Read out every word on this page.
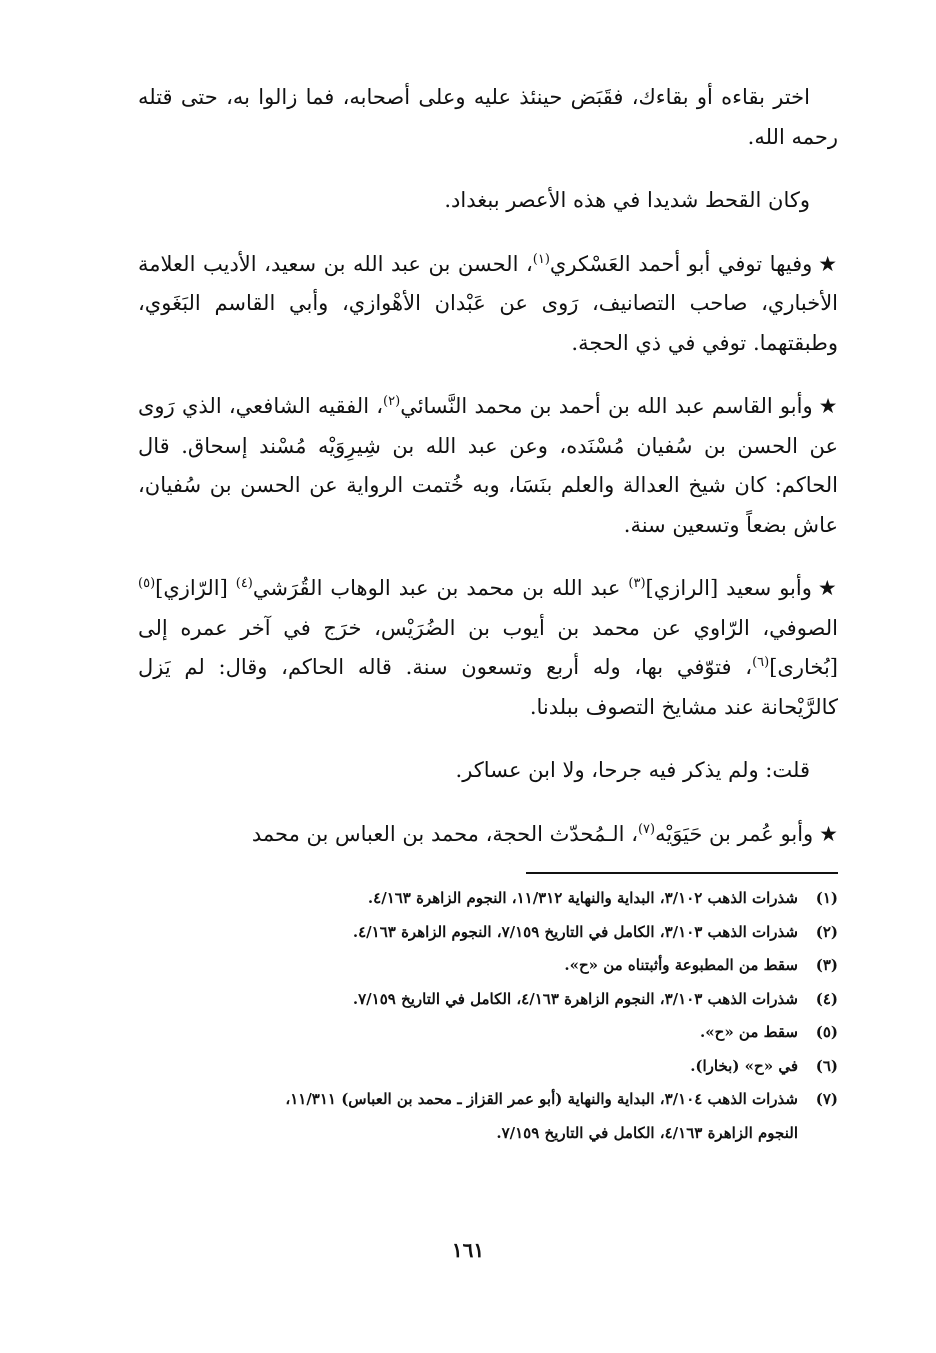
اختر بقاءه أو بقاءك، فقَبَض حينئذ عليه وعلى أصحابه، فما زالوا به، حتى قتله رحمه الله.

وكان القحط شديدا في هذه الأعصر ببغداد.

★وفيها توفي أبو أحمد العَسْكري$^{(١)}$، الحسن بن عبد الله بن سعيد، الأديب العلامة الأخباري، صاحب التصانيف، رَوى عن عَبْدان الأهْوازي، وأبي القاسم البَغَوي، وطبقتهما. توفي في ذي الحجة.

★وأبو القاسم عبد الله بن أحمد بن محمد النَّسائي$^{(٢)}$، الفقيه الشافعي، الذي رَوى عن الحسن بن سُفيان مُسْنَده، وعن عبد الله بن شِيرِوَيْه مُسْند إسحاق. قال الحاكم: كان شيخ العدالة والعلم بنَسَا، وبه خُتمت الرواية عن الحسن بن سُفيان، عاش بضعاً وتسعين سنة.

★وأبو سعيد [الرازي]$^{(٣)}$ عبد الله بن محمد بن عبد الوهاب القُرَشي$^{(٤)}$ [الرّازي]$^{(٥)}$ الصوفي، الرّاوي عن محمد بن أيوب بن الضُرَيْس، خرَج في آخر عمره إلى [بُخارى]$^{(٦)}$، فتوّفي بها، وله أربع وتسعون سنة. قاله الحاكم، وقال: لم يَزل كالرَّيْحانة عند مشايخ التصوف ببلدنا.

قلت: ولم يذكر فيه جرحا، ولا ابن عساكر.

★وأبو عُمر بن حَيَوَيْه$^{(٧)}$، الـمُحدّث الحجة، محمد بن العباس بن محمد

(١)شذرات الذهب ٣/١٠٢، البداية والنهاية ١١/٣١٢، النجوم الزاهرة ٤/١٦٣.

(٢)شذرات الذهب ٣/١٠٣، الكامل في التاريخ ٧/١٥٩، النجوم الزاهرة ٤/١٦٣.

(٣)سقط من المطبوعة وأثبتناه من «ح».

(٤)شذرات الذهب ٣/١٠٣، النجوم الزاهرة ٤/١٦٣، الكامل في التاريخ ٧/١٥٩.

(٥)سقط من «ح».

(٦)في «ح» (بخارا).

(٧)شذرات الذهب ٣/١٠٤، البداية والنهاية (أبو عمر القزاز ـ محمد بن العباس) ١١/٣١١،

النجوم الزاهرة ٤/١٦٣، الكامل في التاريخ ٧/١٥٩.

١٦١
